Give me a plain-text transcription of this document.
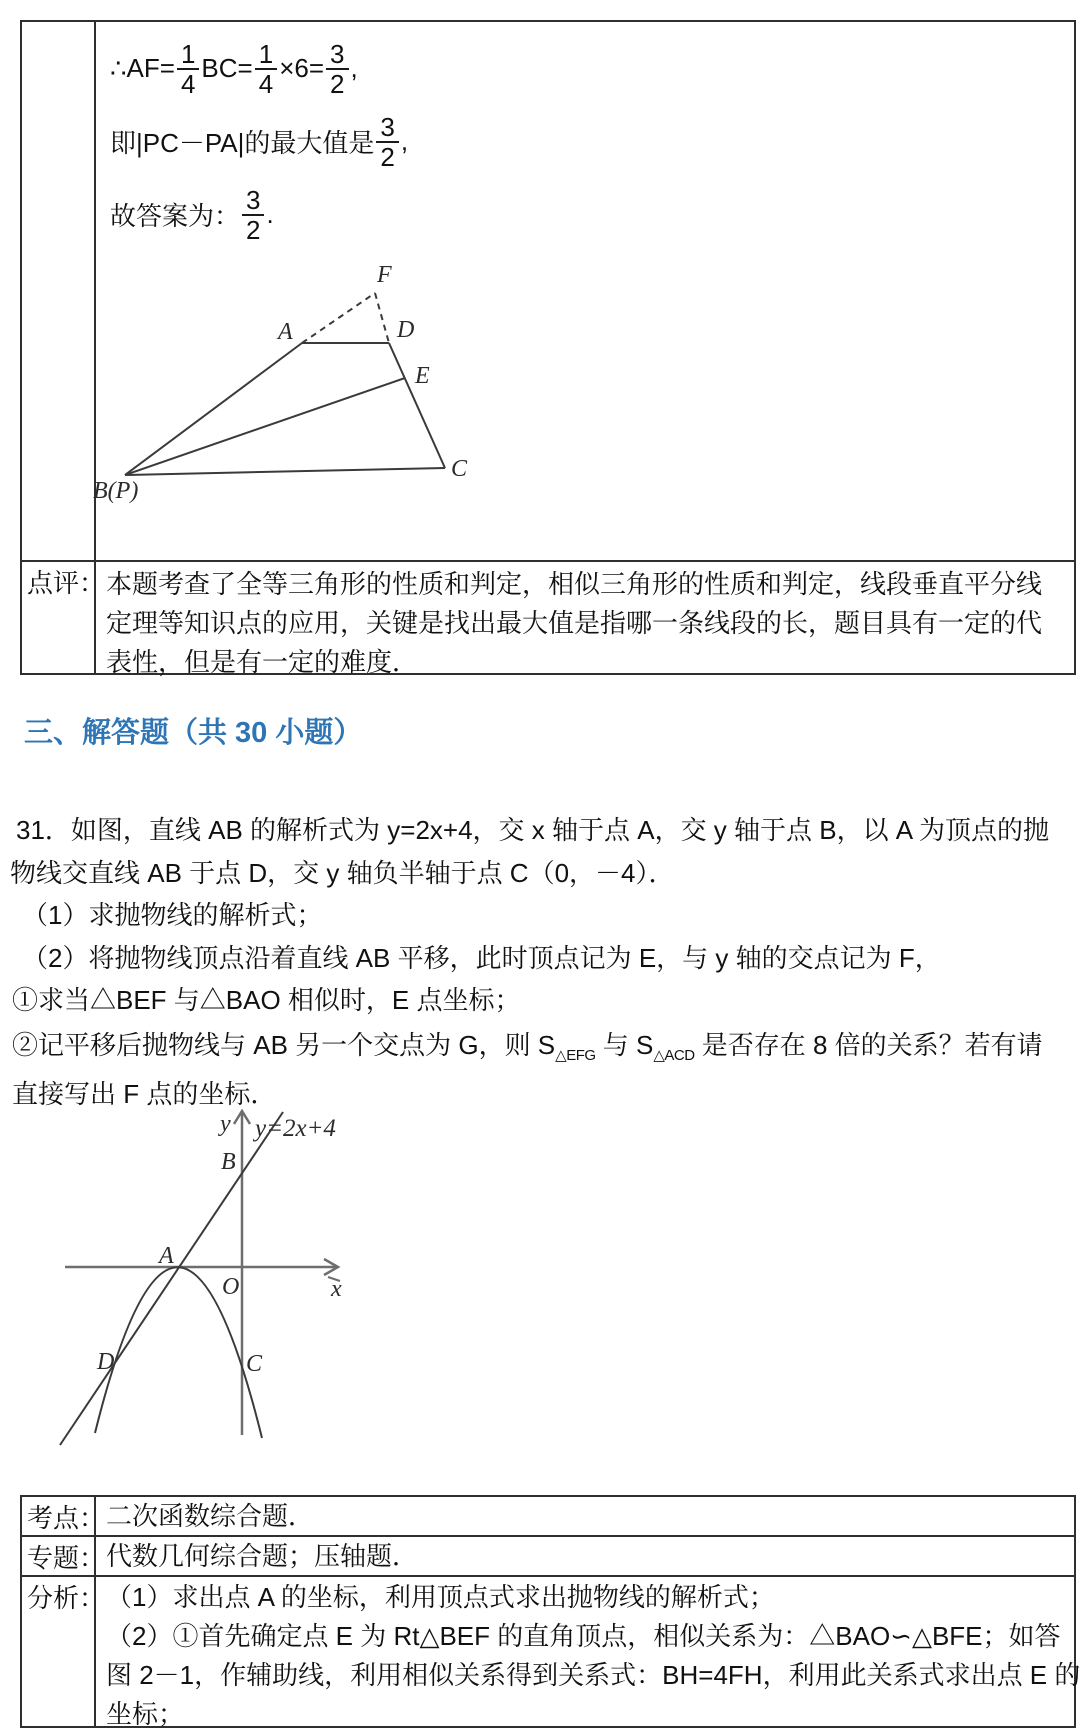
∴AF= $\frac{1}{4} BC= \frac{1}{4} \times 6= \frac{3}{2}$ ,
即|PC－PA|的最大值是 $\frac{3}{2}$ ,
故答案为： $\frac{3}{2}$ .
点评： 本题考查了全等三角形的性质和判定，相似三角形的性质和判定，线段垂直平分线
定理等知识点的应用，关键是找出最大值是指哪一条线段的长，题目具有一定的代
表性，但是有一定的难度．
F
A	D
E
B(P)
C
三、解答题（共 30 小题）
31．如图，直线 AB 的解析式为 y=2x+4，交 x 轴于点 A，交 y 轴于点 B，以 A 为顶点的抛
物线交直线 AB 于点 D，交 y 轴负半轴于点 C（0，－4）．
（1）求抛物线的解析式；
（2）将抛物线顶点沿着直线 AB 平移，此时顶点记为 E，与 y 轴的交点记为 F，
①求当△BEF 与△BAO 相似时，E 点坐标；
②记平移后抛物线与 AB 另一个交点为 G，则 $S_{\triangle EFG}$ 与 $S_{\triangle ACD}$ 是否存在 8 倍的关系？若有请
直接写出 F 点的坐标．
y y=2x+4
B
A
O	x
D	C
考点： 二次函数综合题．
专题： 代数几何综合题；压轴题．
分析： （1）求出点 A 的坐标，利用顶点式求出抛物线的解析式；
（2）①首先确定点 E 为 Rt△BEF 的直角顶点，相似关系为：△BAO∽△BFE；如答
图 2－1，作辅助线，利用相似关系得到关系式：BH=4FH，利用此关系式求出点 E 的
坐标；
